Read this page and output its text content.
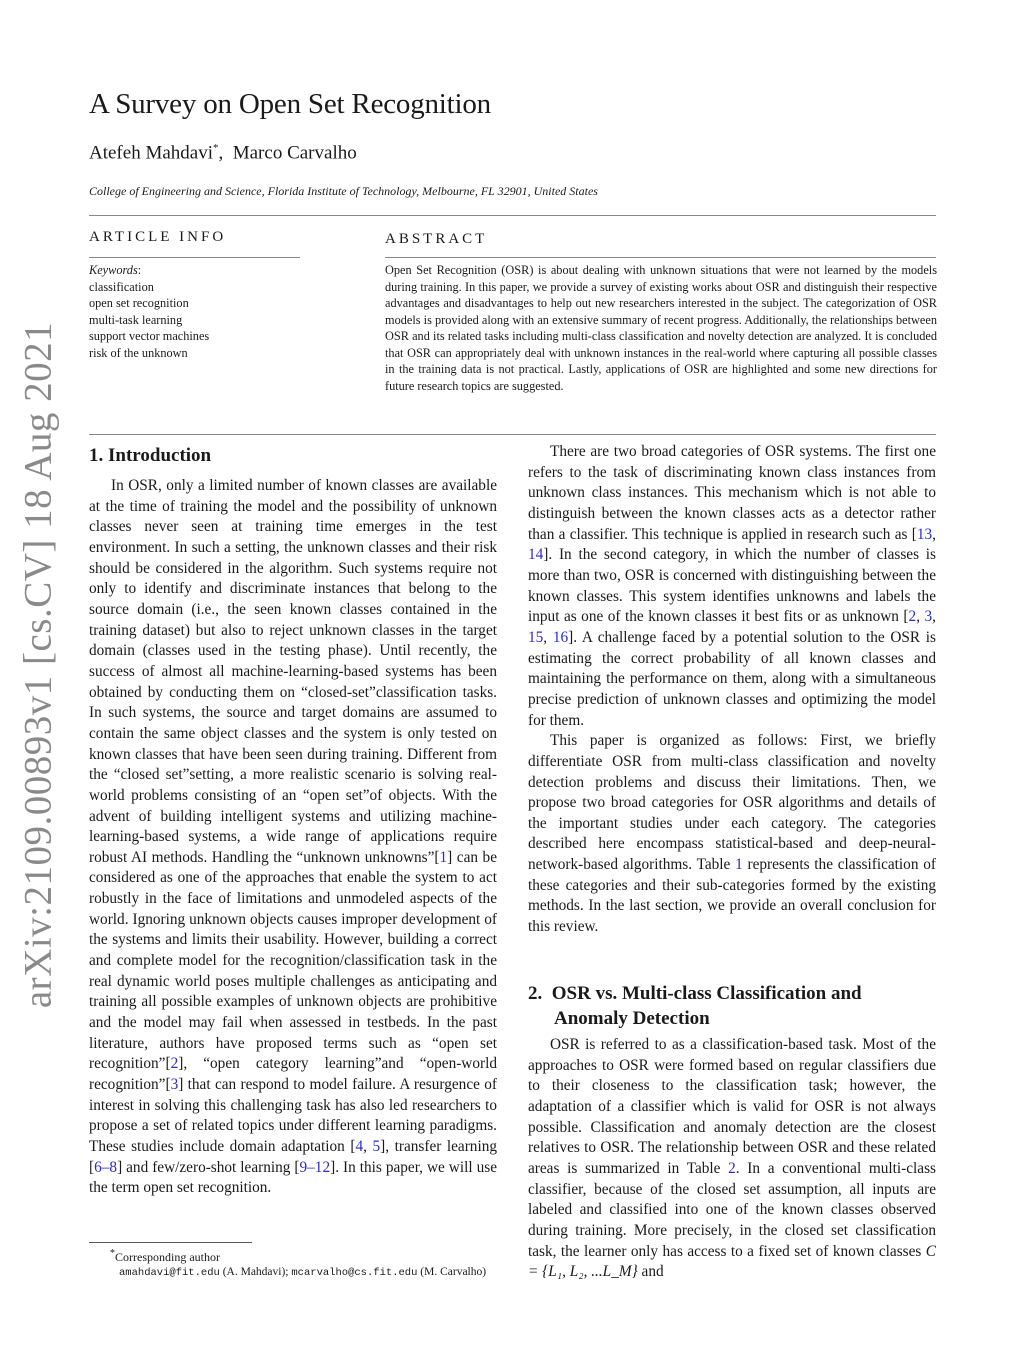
arXiv:2109.00893v1 [cs.CV] 18 Aug 2021
A Survey on Open Set Recognition
Atefeh Mahdavi*, Marco Carvalho
College of Engineering and Science, Florida Institute of Technology, Melbourne, FL 32901, United States
ARTICLE INFO
Keywords:
classification
open set recognition
multi-task learning
support vector machines
risk of the unknown
ABSTRACT
Open Set Recognition (OSR) is about dealing with unknown situations that were not learned by the models during training. In this paper, we provide a survey of existing works about OSR and distinguish their respective advantages and disadvantages to help out new researchers interested in the subject. The categorization of OSR models is provided along with an extensive summary of recent progress. Additionally, the relationships between OSR and its related tasks including multi-class classification and novelty detection are analyzed. It is concluded that OSR can appropriately deal with unknown instances in the real-world where capturing all possible classes in the training data is not practical. Lastly, applications of OSR are highlighted and some new directions for future research topics are suggested.
1. Introduction

In OSR, only a limited number of known classes are available at the time of training the model and the possibility of unknown classes never seen at training time emerges in the test environment. In such a setting, the unknown classes and their risk should be considered in the algorithm. Such systems require not only to identify and discriminate instances that belong to the source domain (i.e., the seen known classes contained in the training dataset) but also to reject unknown classes in the target domain (classes used in the testing phase). Until recently, the success of almost all machine-learning-based systems has been obtained by conducting them on “closed-set”classification tasks. In such systems, the source and target domains are assumed to contain the same object classes and the system is only tested on known classes that have been seen during training. Different from the “closed set”setting, a more realistic scenario is solving real-world problems consisting of an “open set”of objects. With the advent of building intelligent systems and utilizing machine-learning-based systems, a wide range of applications require robust AI methods. Handling the “unknown unknowns”[1] can be considered as one of the approaches that enable the system to act robustly in the face of limitations and unmodeled aspects of the world. Ignoring unknown objects causes improper development of the systems and limits their usability. However, building a correct and complete model for the recognition/classification task in the real dynamic world poses multiple challenges as anticipating and training all possible examples of unknown objects are prohibitive and the model may fail when assessed in testbeds. In the past literature, authors have proposed terms such as “open set recognition”[2], “open category learning”and “open-world recognition”[3] that can respond to model failure. A resurgence of interest in solving this challenging task has also led researchers to propose a set of related topics under different learning paradigms. These studies include domain adaptation [4, 5], transfer learning [6–8] and few/zero-shot learning [9–12]. In this paper, we will use the term open set recognition.

*Corresponding author
amahdavi@fit.edu (A. Mahdavi); mcarvalho@cs.fit.edu (M. Carvalho)

There are two broad categories of OSR systems. The first one refers to the task of discriminating known class instances from unknown class instances. This mechanism which is not able to distinguish between the known classes acts as a detector rather than a classifier. This technique is applied in research such as [13, 14]. In the second category, in which the number of classes is more than two, OSR is concerned with distinguishing between the known classes. This system identifies unknowns and labels the input as one of the known classes it best fits or as unknown [2, 3, 15, 16]. A challenge faced by a potential solution to the OSR is estimating the correct probability of all known classes and maintaining the performance on them, along with a simultaneous precise prediction of unknown classes and optimizing the model for them.

This paper is organized as follows: First, we briefly differentiate OSR from multi-class classification and novelty detection problems and discuss their limitations. Then, we propose two broad categories for OSR algorithms and details of the important studies under each category. The categories described here encompass statistical-based and deep-neural-network-based algorithms. Table 1 represents the classification of these categories and their sub-categories formed by the existing methods. In the last section, we provide an overall conclusion for this review.

2. OSR vs. Multi-class Classification and
Anomaly Detection

OSR is referred to as a classification-based task. Most of the approaches to OSR were formed based on regular classifiers due to their closeness to the classification task; however, the adaptation of a classifier which is valid for OSR is not always possible. Classification and anomaly detection are the closest relatives to OSR. The relationship between OSR and these related areas is summarized in Table 2. In a conventional multi-class classifier, because of the closed set assumption, all inputs are labeled and classified into one of the known classes observed during training. More precisely, in the closed set classification task, the learner only has access to a fixed set of known classes C = {L₁, L₂, ...L_M} and
